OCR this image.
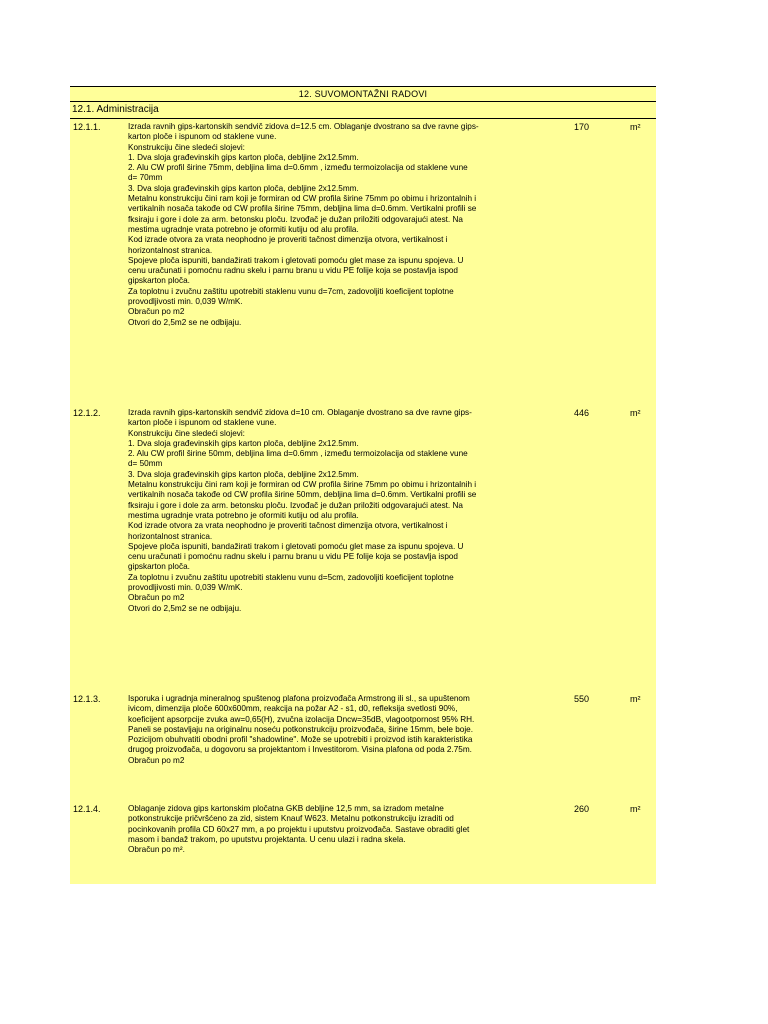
12. SUVOMONTAŽNI RADOVI
12.1. Administracija
12.1.1.	Izrada ravnih gips-kartonskih sendvič zidova d=12.5 cm. Oblaganje dvostrano sa dve ravne gips-
karton ploče i ispunom od staklene vune.
Konstrukciju čine sledeći slojevi:
1. Dva sloja građevinskih gips karton ploča, debljine 2x12.5mm.
2. Alu CW profil širine 75mm, debljina lima d=0.6mm , između termoizolacija od staklene vune
d= 70mm
3. Dva sloja građevinskih gips karton ploča, debljine 2x12.5mm.
Metalnu konstrukciju čini ram koji je formiran od CW profila širine 75mm po obimu i hrizontalnih i
vertikalnih nosača takođe od CW profila širine 75mm, debljina lima d=0.6mm. Vertikalni profili se
fksiraju i gore i dole za arm. betonsku ploču. Izvođač je dužan priložiti odgovarajući atest. Na
mestima ugradnje vrata potrebno je oformiti kutiju od alu profila.
Kod izrade otvora za vrata neophodno je proveriti tačnost dimenzija otvora, vertikalnost i
horizontalnost stranica.
Spojeve ploča ispuniti, bandažirati trakom i gletovati pomoću glet mase za ispunu spojeva. U
cenu uračunati i pomoćnu radnu skelu i parnu branu u vidu PE folije koja se postavlja ispod
gipskarton ploča.
Za toplotnu i zvučnu zaštitu upotrebiti staklenu vunu d=7cm, zadovoljiti koeficijent toplotne
provodljivosti min. 0,039 W/mK.
Obračun po m2
Otvori do 2,5m2 se ne odbijaju.
170	m²
12.1.2.	Izrada ravnih gips-kartonskih sendvič zidova d=10 cm. Oblaganje dvostrano sa dve ravne gips-
karton ploče i ispunom od staklene vune.
Konstrukciju čine sledeći slojevi:
1. Dva sloja građevinskih gips karton ploča, debljine 2x12.5mm.
2. Alu CW profil širine 50mm, debljina lima d=0.6mm , između termoizolacija od staklene vune
d= 50mm
3. Dva sloja građevinskih gips karton ploča, debljine 2x12.5mm.
Metalnu konstrukciju čini ram koji je formiran od CW profila širine 75mm po obimu i hrizontalnih i
vertikalnih nosača takođe od CW profila širine 50mm, debljina lima d=0.6mm. Vertikalni profili se
fksiraju i gore i dole za arm. betonsku ploču. Izvođač je dužan priložiti odgovarajući atest. Na
mestima ugradnje vrata potrebno je oformiti kutiju od alu profila.
Kod izrade otvora za vrata neophodno je proveriti tačnost dimenzija otvora, vertikalnost i
horizontalnost stranica.
Spojeve ploča ispuniti, bandažirati trakom i gletovati pomoću glet mase za ispunu spojeva. U
cenu uračunati i pomoćnu radnu skelu i parnu branu u vidu PE folije koja se postavlja ispod
gipskarton ploča.
Za toplotnu i zvučnu zaštitu upotrebiti staklenu vunu d=5cm, zadovoljiti koeficijent toplotne
provodljivosti min. 0,039 W/mK.
Obračun po m2
Otvori do 2,5m2 se ne odbijaju.
446	m²
12.1.3.	Isporuka i ugradnja mineralnog spuštenog plafona proizvođača Armstrong ili sl., sa upuštenom
ivicom, dimenzija ploče 600x600mm, reakcija na požar A2 - s1, d0, refleksija svetlosti 90%,
koeficijent apsorpcije zvuka aw=0,65(H), zvučna izolacija Dncw=35dB, vlagootpornost 95% RH.
Paneli se postavljaju na originalnu noseću potkonstrukciju proizvođača, širine 15mm, bele boje.
Pozicijom obuhvatiti obodni profil "shadowline". Može se upotrebiti i proizvod istih karakteristika
drugog proizvođača, u dogovoru sa projektantom i Investitorom. Visina plafona od poda 2.75m.
Obračun po m2
550	m²
12.1.4.	Oblaganje zidova gips kartonskim pločatna GKB debljine 12,5 mm, sa izradom metalne
potkonstrukcije pričvršćeno za zid, sistem Knauf W623. Metalnu potkonstrukciju izraditi od
pocinkovanih profila CD 60x27 mm, a po projektu i uputstvu proizvođača. Sastave obraditi glet
masom i bandaž trakom, po uputstvu projektanta. U cenu ulazi i radna skela.
Obračun po m².
260	m²
